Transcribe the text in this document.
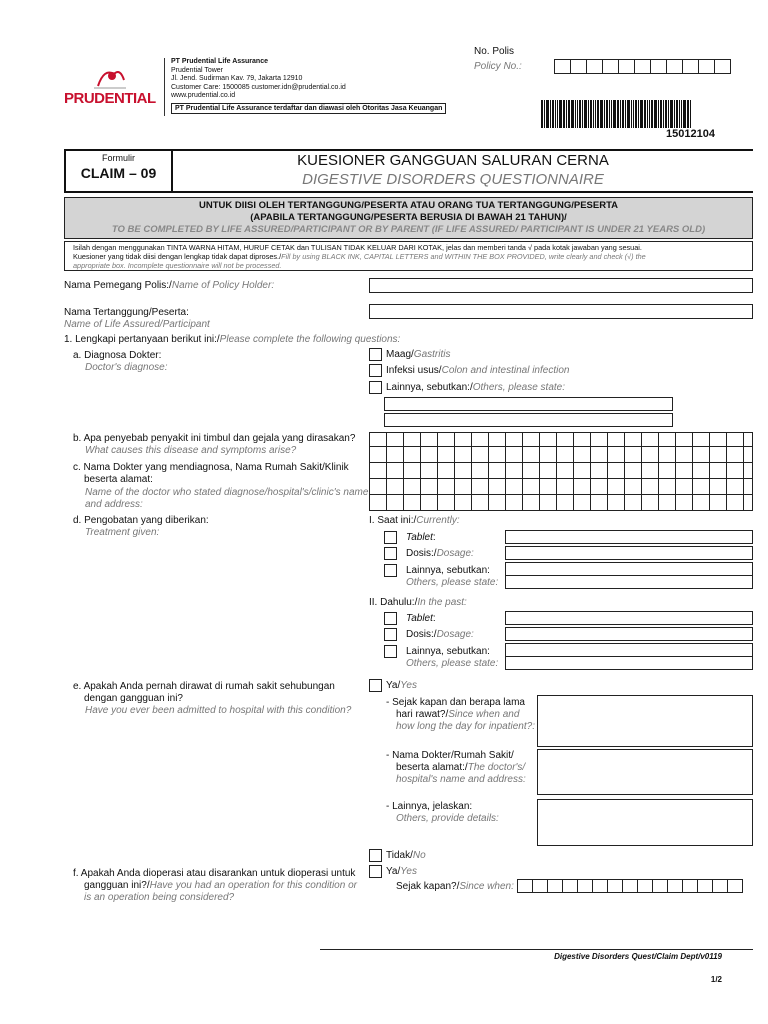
PRUDENTIAL
PT Prudential Life Assurance
Prudential Tower
Jl. Jend. Sudirman Kav. 79, Jakarta 12910
Customer Care: 1500085 customer.idn@prudential.co.id
www.prudential.co.id
PT Prudential Life Assurance terdaftar dan diawasi oleh Otoritas Jasa Keuangan
No. Polis
Policy No.:
15012104
Formulir
CLAIM – 09
KUESIONER GANGGUAN SALURAN CERNA
DIGESTIVE DISORDERS QUESTIONNAIRE
UNTUK DIISI OLEH TERTANGGUNG/PESERTA ATAU ORANG TUA TERTANGGUNG/PESERTA
(APABILA TERTANGGUNG/PESERTA BERUSIA DI BAWAH 21 TAHUN)/
TO BE COMPLETED BY LIFE ASSURED/PARTICIPANT OR BY PARENT (IF LIFE ASSURED/ PARTICIPANT IS UNDER 21 YEARS OLD)
Isilah dengan menggunakan TINTA WARNA HITAM, HURUF CETAK dan TULISAN TIDAK KELUAR DARI KOTAK, jelas dan memberi tanda √ pada kotak jawaban yang sesuai.
Kuesioner yang tidak diisi dengan lengkap tidak dapat diproses./Fill by using BLACK INK, CAPITAL LETTERS and WITHIN THE BOX PROVIDED, write clearly and check (√) the
appropriate box. Incomplete questionnaire will not be processed.
Nama Pemegang Polis:/Name of Policy Holder:
Nama Tertanggung/Peserta:
Name of Life Assured/Participant
1. Lengkapi pertanyaan berikut ini:/Please complete the following questions:
a. Diagnosa Dokter:
Doctor's diagnose:
Maag/Gastritis
Infeksi usus/Colon and intestinal infection
Lainnya, sebutkan:/Others, please state:
b. Apa penyebab penyakit ini timbul dan gejala yang dirasakan?
What causes this disease and symptoms arise?
c. Nama Dokter yang mendiagnosa, Nama Rumah Sakit/Klinik
beserta alamat:
Name of the doctor who stated diagnose/hospital's/clinic's name
and address:
d. Pengobatan yang diberikan:
Treatment given:
I. Saat ini:/Currently:
Tablet:
Dosis:/Dosage:
Lainnya, sebutkan:
Others, please state:
II. Dahulu:/In the past:
Tablet:
Dosis:/Dosage:
Lainnya, sebutkan:
Others, please state:
e. Apakah Anda pernah dirawat di rumah sakit sehubungan
dengan gangguan ini?
Have you ever been admitted to hospital with this condition?
Ya/Yes
- Sejak kapan dan berapa lama
hari rawat?/Since when and
how long the day for inpatient?:
- Nama Dokter/Rumah Sakit/
beserta alamat:/The doctor's/
hospital's name and address:
- Lainnya, jelaskan:
Others, provide details:
Tidak/No
f. Apakah Anda dioperasi atau disarankan untuk dioperasi untuk
gangguan ini?/Have you had an operation for this condition or
is an operation being considered?
Ya/Yes
Sejak kapan?/Since when:
Digestive Disorders Quest/Claim Dept/v0119
1/2
